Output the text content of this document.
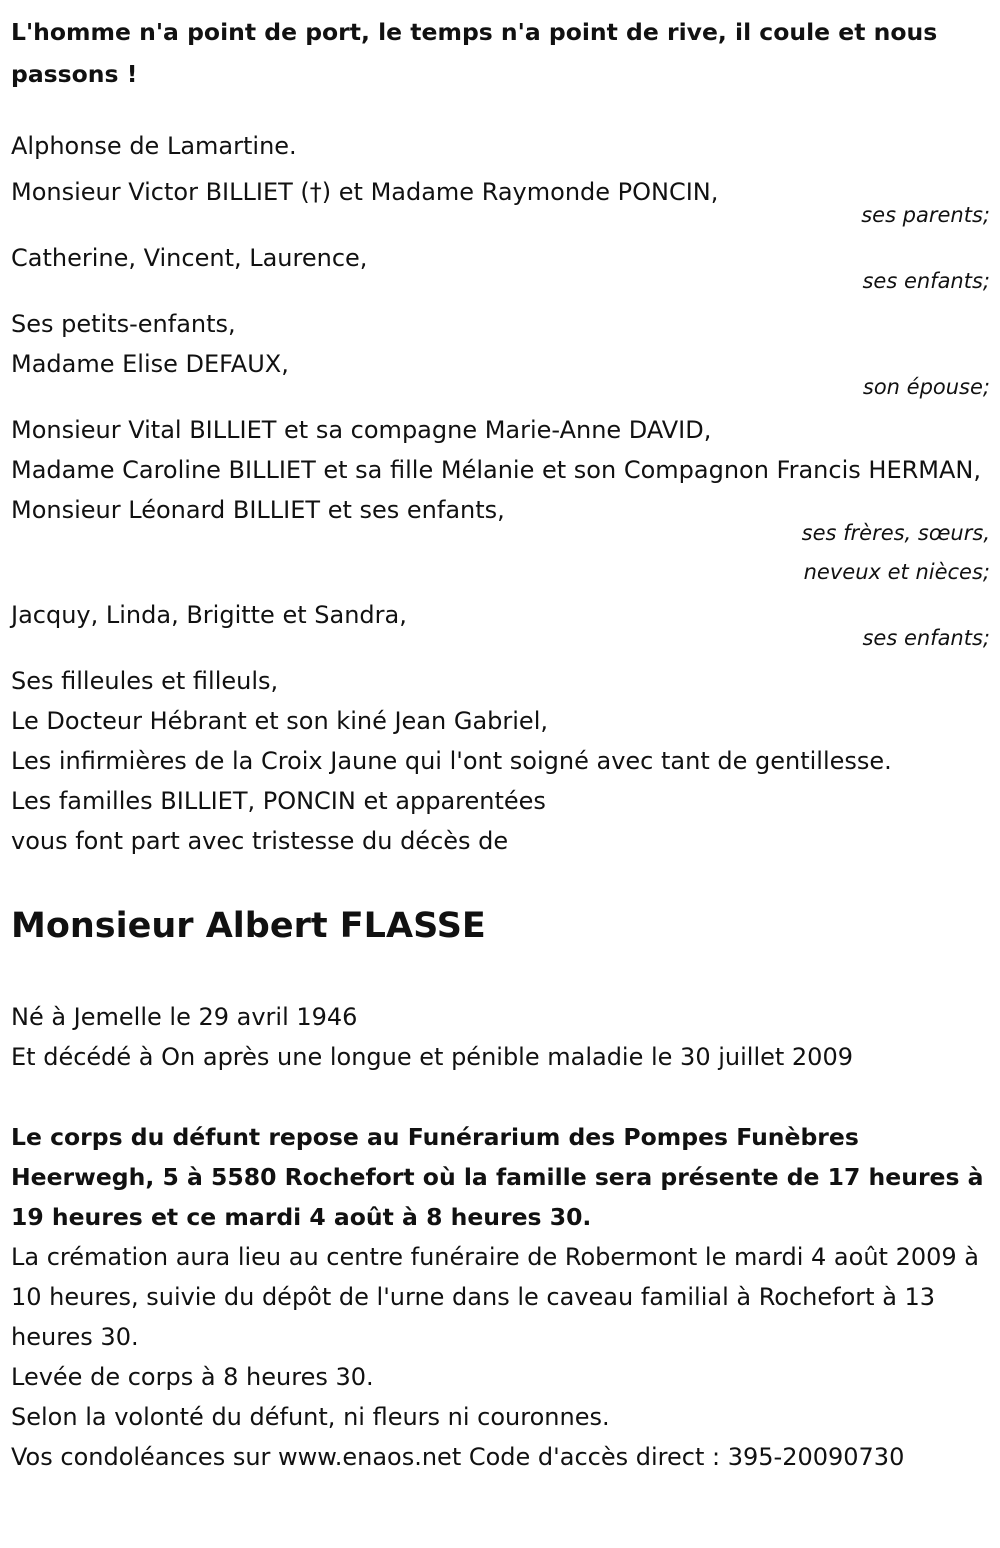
L'homme n'a point de port, le temps n'a point de rive, il coule et nous passons !

Alphonse de Lamartine.
Monsieur Victor BILLIET (†) et Madame Raymonde PONCIN,
ses parents;
Catherine, Vincent, Laurence,
ses enfants;
Ses petits-enfants,
Madame Elise DEFAUX,
son épouse;
Monsieur Vital BILLIET et sa compagne Marie-Anne DAVID,
Madame Caroline BILLIET et sa fille Mélanie et son Compagnon Francis HERMAN,
Monsieur Léonard BILLIET et ses enfants,
ses frères, sœurs,
neveux et nièces;
Jacquy, Linda, Brigitte et Sandra,
ses enfants;
Ses filleules et filleuls,
Le Docteur Hébrant et son kiné Jean Gabriel,
Les infirmières de la Croix Jaune qui l'ont soigné avec tant de gentillesse.
Les familles BILLIET, PONCIN et apparentées
vous font part avec tristesse du décès de
Monsieur Albert FLASSE
Né à Jemelle le 29 avril 1946
Et décédé à On après une longue et pénible maladie le 30 juillet 2009
Le corps du défunt repose au Funérarium des Pompes Funèbres Heerwegh, 5 à 5580 Rochefort où la famille sera présente de 17 heures à 19 heures et ce mardi 4 août à 8 heures 30.
La crémation aura lieu au centre funéraire de Robermont le mardi 4 août 2009 à 10 heures, suivie du dépôt de l'urne dans le caveau familial à Rochefort à 13 heures 30.
Levée de corps à 8 heures 30.
Selon la volonté du défunt, ni fleurs ni couronnes.
Vos condoléances sur www.enaos.net Code d'accès direct : 395-20090730
